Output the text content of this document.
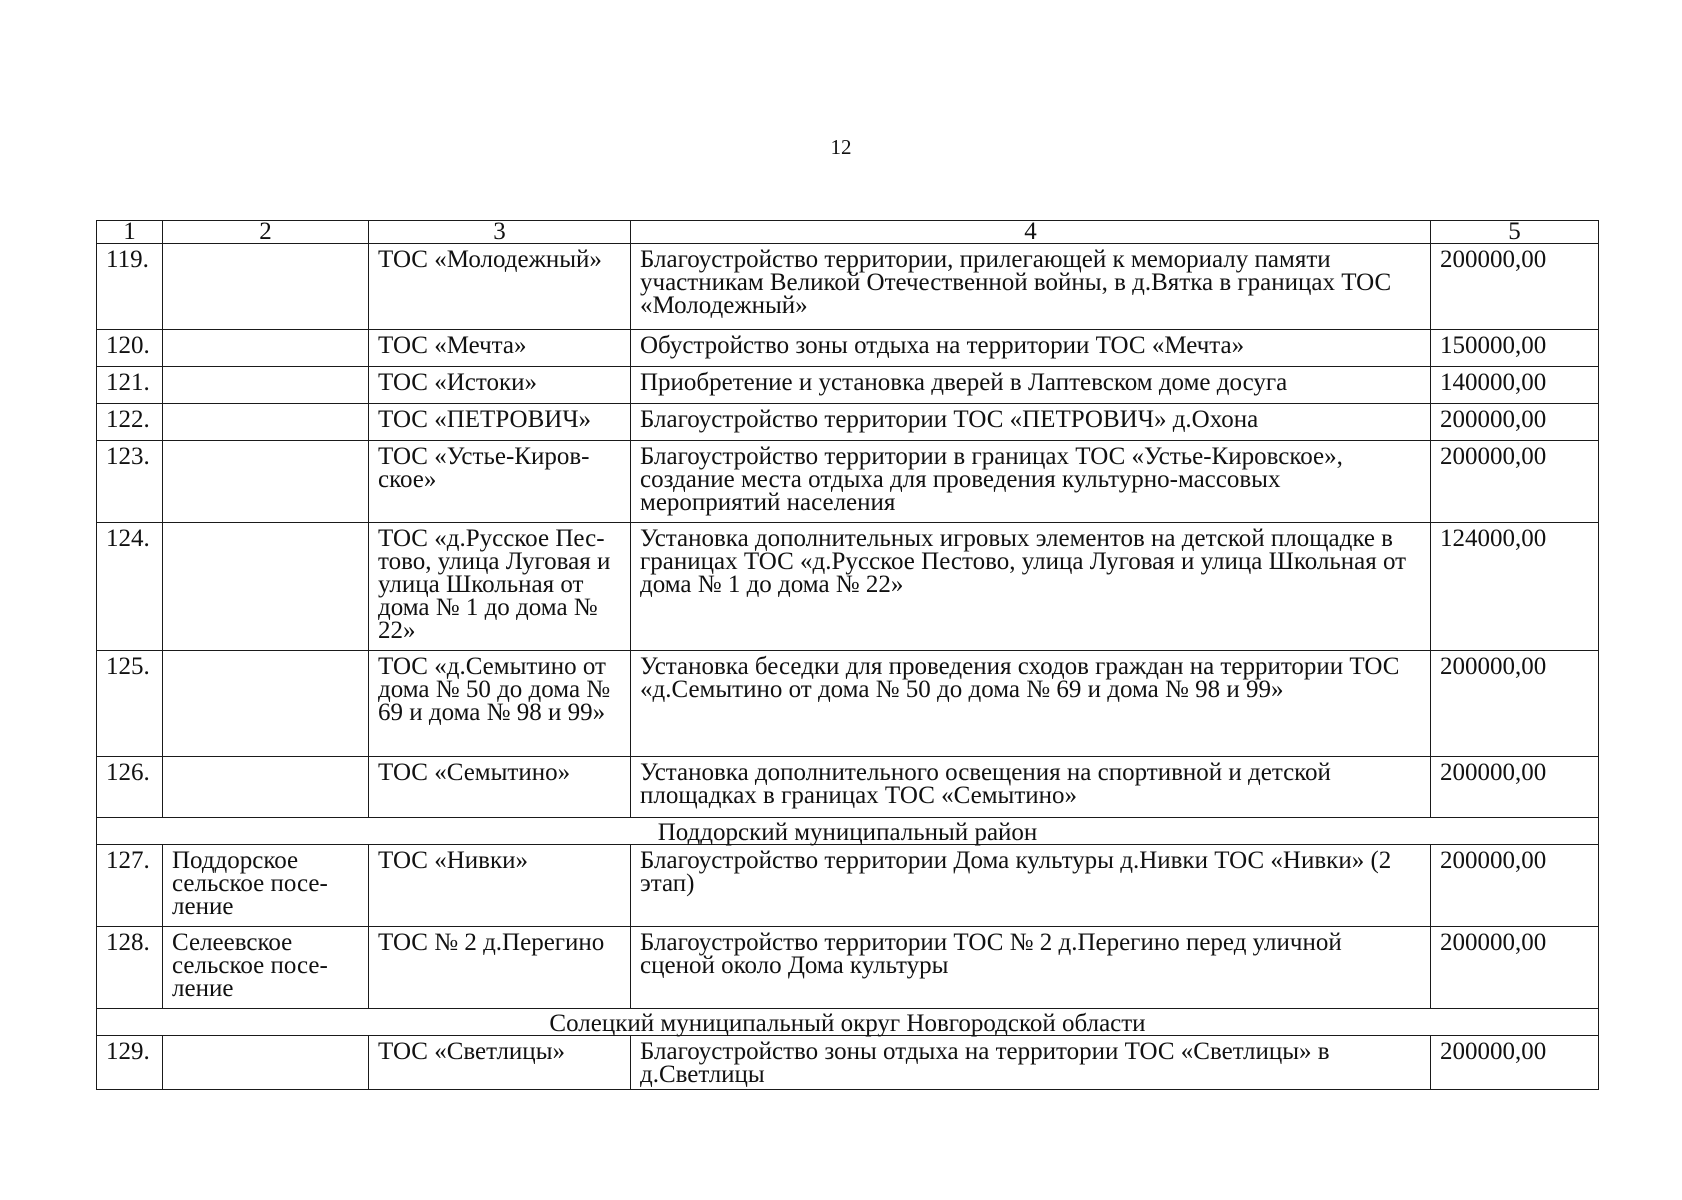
12
1	2	3	4	5
119.		ТОС «Молодежный»	Благоустройство территории, прилегающей к мемориалу памяти участникам Великой Отечественной войны, в д.Вятка в границах ТОС «Молодежный»	200000,00
120.		ТОС «Мечта»	Обустройство зоны отдыха на территории ТОС «Мечта»	150000,00
121.		ТОС «Истоки»	Приобретение и установка дверей в Лаптевском доме досуга	140000,00
122.		ТОС «ПЕТРОВИЧ»	Благоустройство территории ТОС «ПЕТРОВИЧ» д.Охона	200000,00
123.		ТОС «Устье-Киров-ское»	Благоустройство территории в границах ТОС «Устье-Кировское», создание места отдыха для проведения культурно-массовых мероприятий населения	200000,00
124.		ТОС «д.Русское Пес-тово, улица Луговая и улица Школьная от дома № 1 до дома № 22»	Установка дополнительных игровых элементов на детской площадке в границах ТОС «д.Русское Пестово, улица Луговая и улица Школьная от дома № 1 до дома № 22»	124000,00
125.		ТОС «д.Семытино от дома № 50 до дома № 69 и дома № 98 и 99»	Установка беседки для проведения сходов граждан на территории ТОС «д.Семытино от дома № 50 до дома № 69 и дома № 98 и 99»	200000,00
126.		ТОС «Семытино»	Установка дополнительного освещения на спортивной и детской площадках в границах ТОС «Семытино»	200000,00
Поддорский муниципальный район				
127.	Поддорское сельское посе-ление	ТОС «Нивки»	Благоустройство территории Дома культуры д.Нивки ТОС «Нивки» (2 этап)	200000,00
128.	Селеевское сельское посе-ление	ТОС № 2 д.Перегино	Благоустройство территории ТОС № 2 д.Перегино перед уличной сценой около Дома культуры	200000,00
Солецкий муниципальный округ Новгородской области				
129.		ТОС «Светлицы»	Благоустройство зоны отдыха на территории ТОС «Светлицы» в д.Светлицы	200000,00
